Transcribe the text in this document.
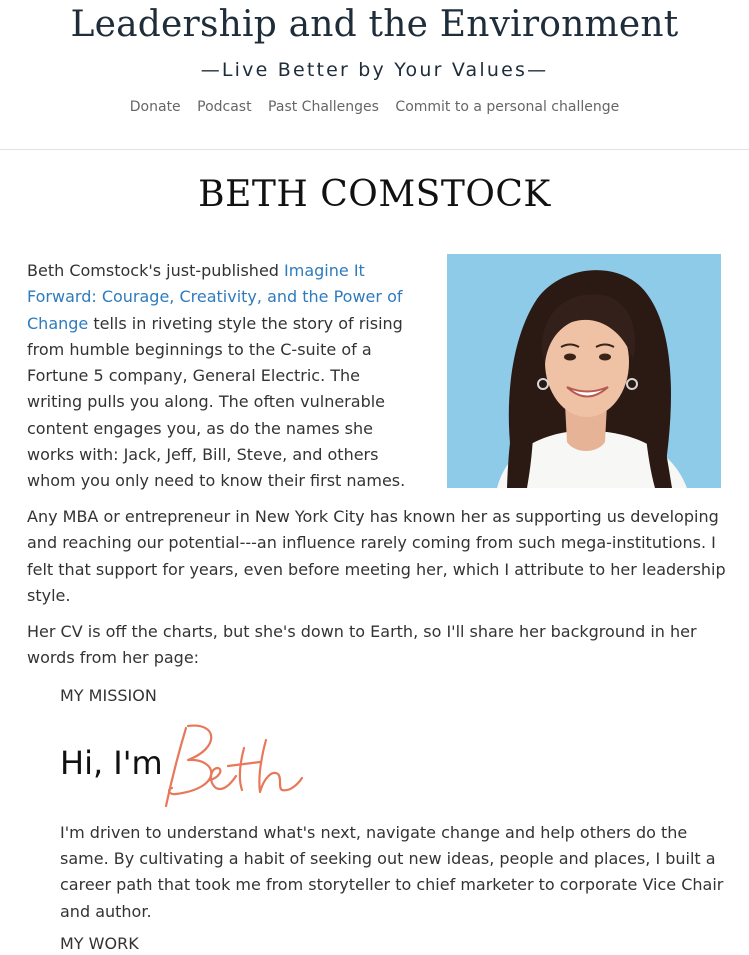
Leadership and the Environment
—Live Better by Your Values—
Donate Podcast Past Challenges Commit to a personal challenge
BETH COMSTOCK

Beth Comstock's just-published Imagine It Forward: Courage, Creativity, and the Power of Change tells in riveting style the story of rising from humble beginnings to the C-suite of a Fortune 5 company, General Electric. The writing pulls you along. The often vulnerable content engages you, as do the names she works with: Jack, Jeff, Bill, Steve, and others whom you only need to know their first names.

Any MBA or entrepreneur in New York City has known her as supporting us developing and reaching our potential---an influence rarely coming from such mega-institutions. I felt that support for years, even before meeting her, which I attribute to her leadership style.

Her CV is off the charts, but she's down to Earth, so I'll share her background in her words from her page:

MY MISSION
Hi, I'm

I'm driven to understand what's next, navigate change and help others do the same. By cultivating a habit of seeking out new ideas, people and places, I built a career path that took me from storyteller to chief marketer to corporate Vice Chair and author.

MY WORK
